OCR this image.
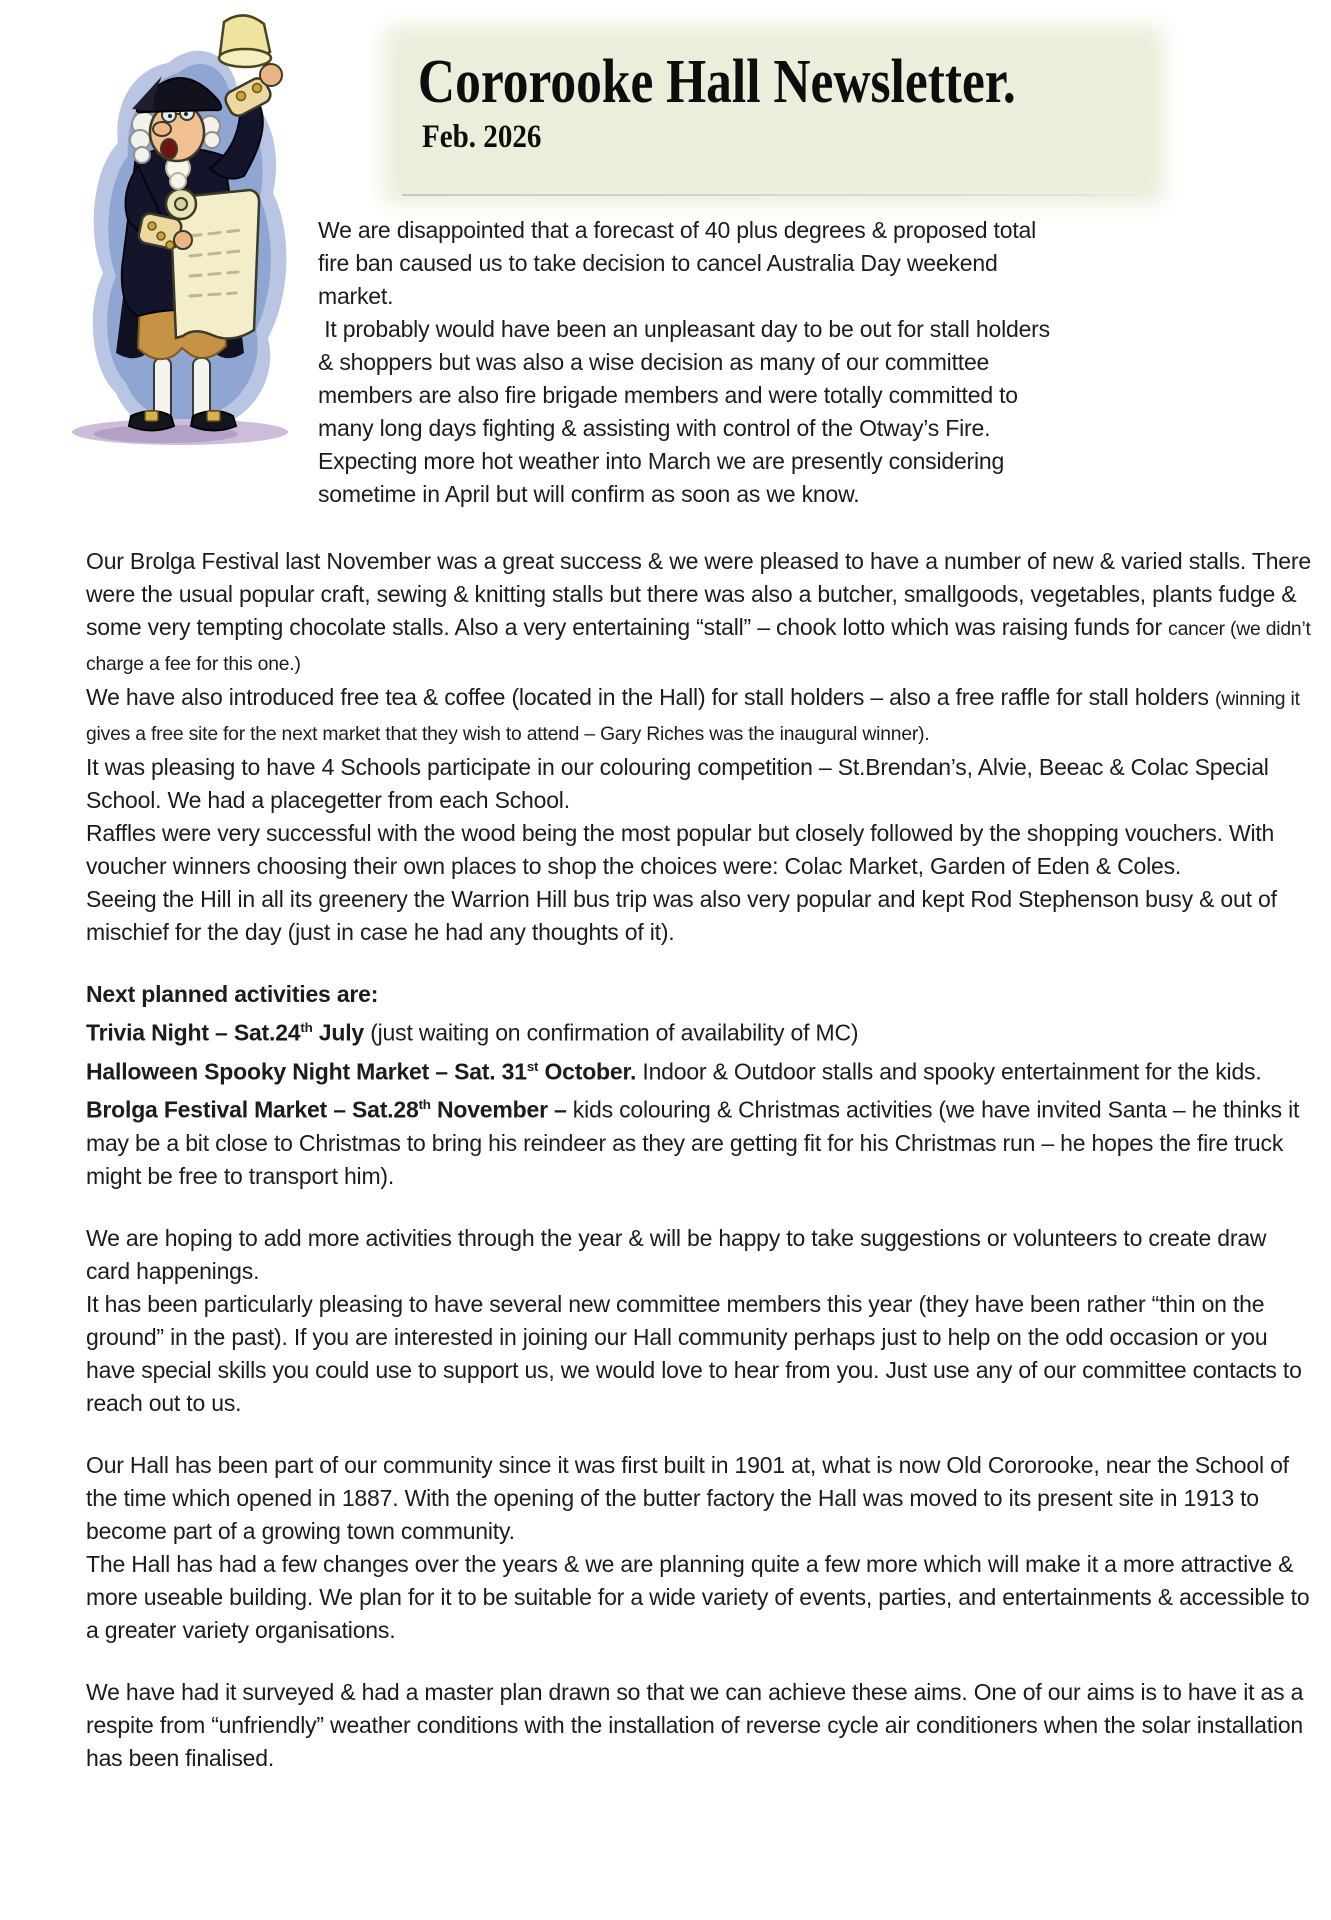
Cororooke Hall Newsletter.
Feb. 2026
We are disappointed that a forecast of 40 plus degrees & proposed total
fire ban caused us to take decision to cancel Australia Day weekend
market.
It probably would have been an unpleasant day to be out for stall holders
& shoppers but was also a wise decision as many of our committee
members are also fire brigade members and were totally committed to
many long days fighting & assisting with control of the Otway’s Fire.
Expecting more hot weather into March we are presently considering
sometime in April but will confirm as soon as we know.

Our Brolga Festival last November was a great success & we were pleased to have a number of new & varied stalls. There were the usual popular craft, sewing & knitting stalls but there was also a butcher, smallgoods, vegetables, plants fudge & some very tempting chocolate stalls. Also a very entertaining “stall” – chook lotto which was raising funds for cancer (we didn’t charge a fee for this one.)

We have also introduced free tea & coffee (located in the Hall) for stall holders – also a free raffle for stall holders (winning it gives a free site for the next market that they wish to attend – Gary Riches was the inaugural winner).

It was pleasing to have 4 Schools participate in our colouring competition – St.Brendan’s, Alvie, Beeac & Colac Special School. We had a placegetter from each School.

Raffles were very successful with the wood being the most popular but closely followed by the shopping vouchers. With voucher winners choosing their own places to shop the choices were: Colac Market, Garden of Eden & Coles.

Seeing the Hill in all its greenery the Warrion Hill bus trip was also very popular and kept Rod Stephenson busy & out of mischief for the day (just in case he had any thoughts of it).

Next planned activities are:

Trivia Night – Sat.24th July (just waiting on confirmation of availability of MC)

Halloween Spooky Night Market – Sat. 31st October. Indoor & Outdoor stalls and spooky entertainment for the kids.

Brolga Festival Market – Sat.28th November – kids colouring & Christmas activities (we have invited Santa – he thinks it may be a bit close to Christmas to bring his reindeer as they are getting fit for his Christmas run – he hopes the fire truck might be free to transport him).

We are hoping to add more activities through the year & will be happy to take suggestions or volunteers to create draw card happenings.

It has been particularly pleasing to have several new committee members this year (they have been rather “thin on the ground” in the past). If you are interested in joining our Hall community perhaps just to help on the odd occasion or you have special skills you could use to support us, we would love to hear from you. Just use any of our committee contacts to reach out to us.

Our Hall has been part of our community since it was first built in 1901 at, what is now Old Cororooke, near the School of the time which opened in 1887. With the opening of the butter factory the Hall was moved to its present site in 1913 to become part of a growing town community.

The Hall has had a few changes over the years & we are planning quite a few more which will make it a more attractive & more useable building. We plan for it to be suitable for a wide variety of events, parties, and entertainments & accessible to a greater variety organisations.

We have had it surveyed & had a master plan drawn so that we can achieve these aims. One of our aims is to have it as a respite from “unfriendly” weather conditions with the installation of reverse cycle air conditioners when the solar installation has been finalised.
